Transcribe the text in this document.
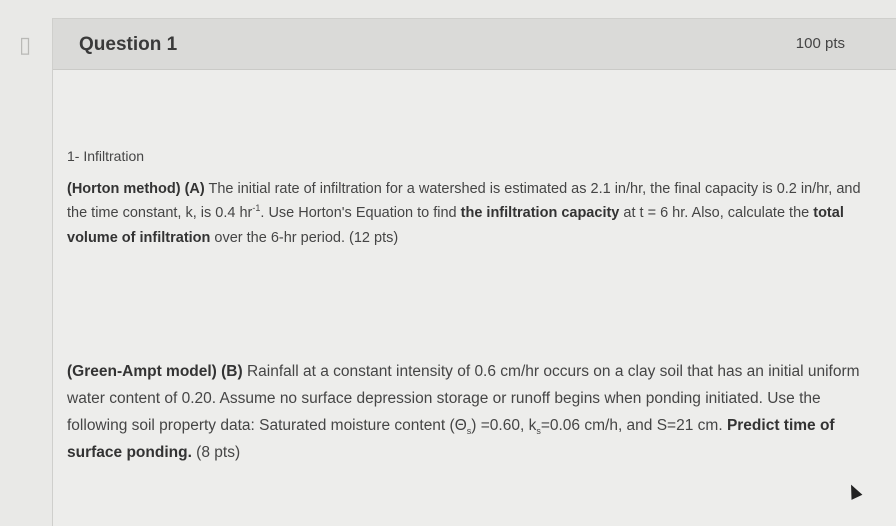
▯	Question 1	100 pts
1- Infiltration

(Horton method) (A) The initial rate of infiltration for a watershed is estimated as 2.1 in/hr, the final capacity is 0.2 in/hr, and the time constant, k, is 0.4 $hr^{-1}$. Use Horton's Equation to find the infiltration capacity at t = 6 hr. Also, calculate the total volume of infiltration over the 6-hr period. (12 pts)

(Green-Ampt model) (B) Rainfall at a constant intensity of 0.6 cm/hr occurs on a clay soil that has an initial uniform water content of 0.20. Assume no surface depression storage or runoff begins when ponding initiated. Use the following soil property data: Saturated moisture content $(\Theta_s) =0.60$, $k_s=0.06$ cm/h, and S=21 cm. Predict time of surface ponding. (8 pts)
